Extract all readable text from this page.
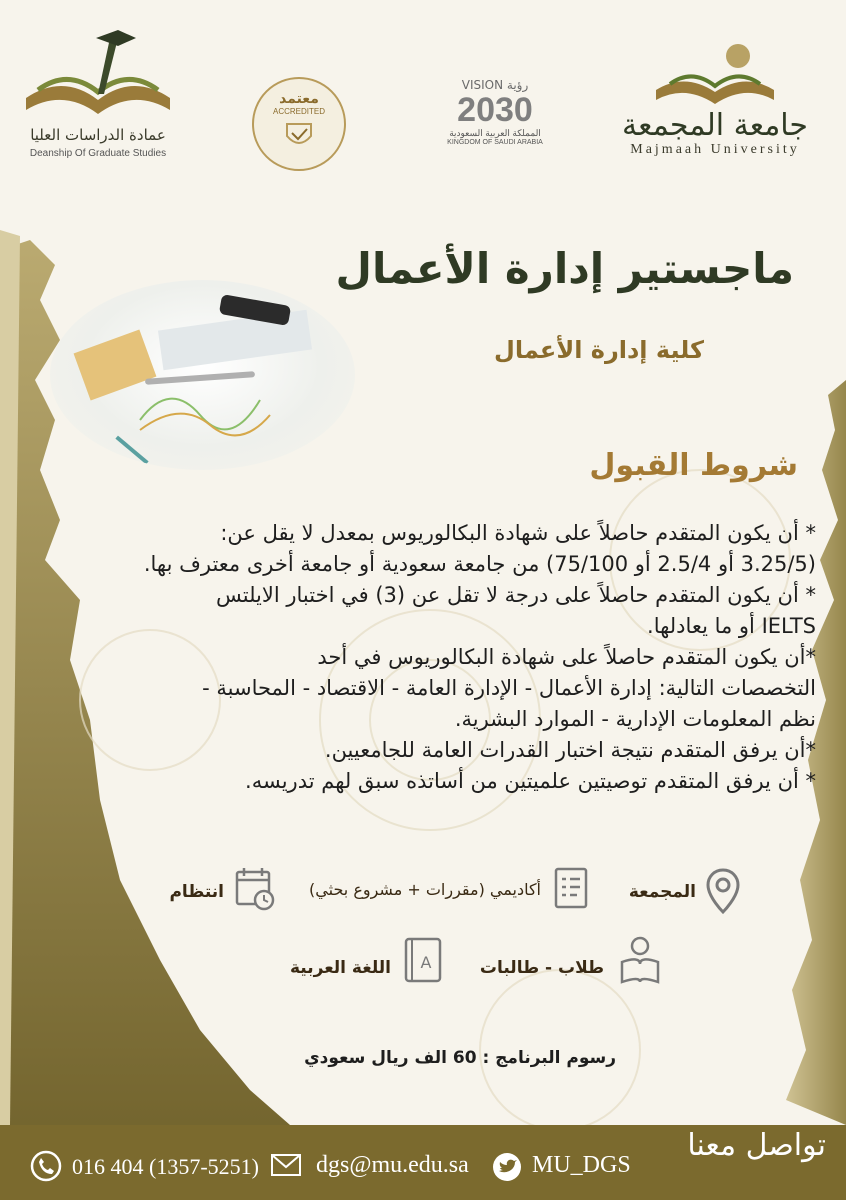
عمادة الدراسات العليا
Deanship Of Graduate Studies
معتمد
ACCREDITED
VISION رؤية
2030
المملكة العربية السعودية
KINGDOM OF SAUDI ARABIA	جامعة المجمعة
Majmaah University
ماجستير إدارة الأعمال
كلية إدارة الأعمال
شروط القبول
* أن يكون المتقدم حاصلاً على شهادة البكالوريوس بمعدل لا يقل عن:
(3.25/5 أو 2.5/4 أو 75/100) من جامعة سعودية أو جامعة أخرى معترف بها.
* أن يكون المتقدم حاصلاً على درجة لا تقل عن (3) في اختبار الايلتس
IELTS أو ما يعادلها.
*أن يكون المتقدم حاصلاً على شهادة البكالوريوس في أحد
التخصصات التالية: إدارة الأعمال - الإدارة العامة - الاقتصاد - المحاسبة -
نظم المعلومات الإدارية - الموارد البشرية.
*أن يرفق المتقدم نتيجة اختبار القدرات العامة للجامعيين.
* أن يرفق المتقدم توصيتين علميتين من أساتذه سبق لهم تدريسه.
المجمعة
أكاديمي (مقررات + مشروع بحثي)
انتظام
طلاب - طالبات
A
اللغة العربية
رسوم البرنامج : 60 الف ريال سعودي
تواصل معنا
016 404 (1357-5251) dgs@mu.edu.sa	MU_DGS
